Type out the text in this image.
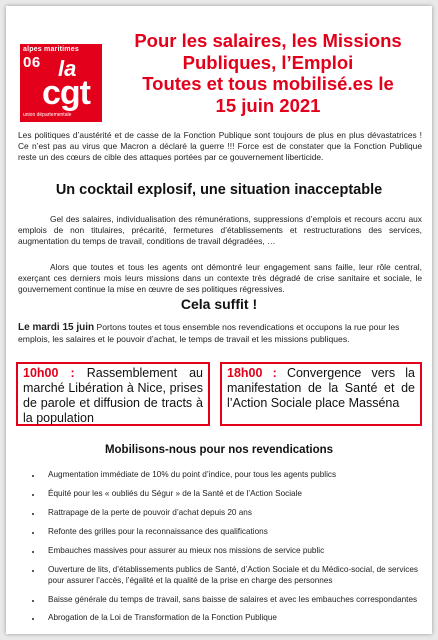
alpes maritimes
06 la
cgt
union départementale
Pour les salaires, les Missions
Publiques, l’Emploi
Toutes et tous mobilisé.es le
15 juin 2021
Les politiques d’austérité et de casse de la Fonction Publique sont toujours de plus en plus dévastatrices ! Ce n’est pas au virus que Macron a déclaré la guerre !!! Force est de constater que la Fonction Publique reste un des cœurs de cible des attaques portées par ce gouvernement liberticide.
Un cocktail explosif, une situation inacceptable
Gel des salaires, individualisation des rémunérations, suppressions d’emplois et recours accru aux emplois de non titulaires, précarité, fermetures d’établissements et restructurations des services, augmentation du temps de travail, conditions de travail dégradées, …
Alors que toutes et tous les agents ont démontré leur engagement sans faille, leur rôle central, exerçant ces derniers mois leurs missions dans un contexte très dégradé de crise sanitaire et sociale, le gouvernement continue la mise en œuvre de ses politiques régressives.
Cela suffit !
Le mardi 15 juin Portons toutes et tous ensemble nos revendications et occupons la rue pour les emplois, les salaires et le pouvoir d’achat, le temps de travail et les missions publiques.
10h00 : Rassemblement au marché Libération à Nice, prises de parole et diffusion de tracts à la population
18h00 : Convergence vers la manifestation de la Santé et de l’Action Sociale place Masséna
Mobilisons-nous pour nos revendications
• Augmentation immédiate de 10% du point d’indice, pour tous les agents publics
• Équité pour les « oubliés du Ségur » de la Santé et de l’Action Sociale
• Rattrapage de la perte de pouvoir d’achat depuis 20 ans
• Refonte des grilles pour la reconnaissance des qualifications
• Embauches massives pour assurer au mieux nos missions de service public
• Ouverture de lits, d’établissements publics de Santé, d’Action Sociale et du Médico-social, de services pour assurer l’accès, l’égalité et la qualité de la prise en charge des personnes
• Baisse générale du temps de travail, sans baisse de salaires et avec les embauches correspondantes
• Abrogation de la Loi de Transformation de la Fonction Publique
